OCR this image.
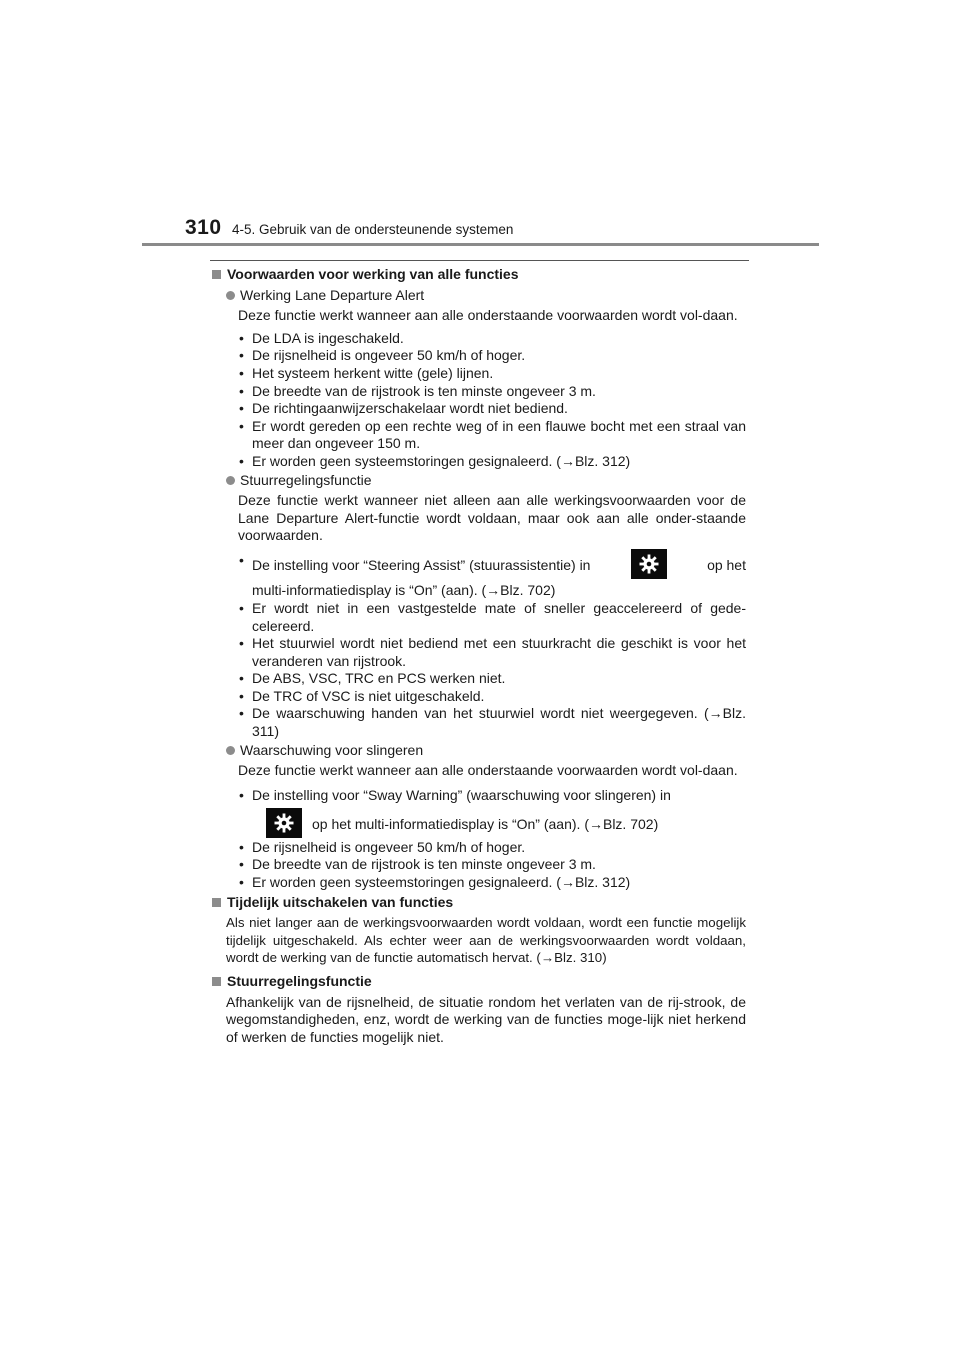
310 4-5. Gebruik van de ondersteunende systemen
Voorwaarden voor werking van alle functies
Werking Lane Departure Alert
Deze functie werkt wanneer aan alle onderstaande voorwaarden wordt vol-daan.
• De LDA is ingeschakeld.
• De rijsnelheid is ongeveer 50 km/h of hoger.
• Het systeem herkent witte (gele) lijnen.
• De breedte van de rijstrook is ten minste ongeveer 3 m.
• De richtingaanwijzerschakelaar wordt niet bediend.
• Er wordt gereden op een rechte weg of in een flauwe bocht met een straal van meer dan ongeveer 150 m.
• Er worden geen systeemstoringen gesignaleerd. (→Blz. 312)
Stuurregelingsfunctie
Deze functie werkt wanneer niet alleen aan alle werkingsvoorwaarden voor de Lane Departure Alert-functie wordt voldaan, maar ook aan alle onder-staande voorwaarden.
• De instelling voor “Steering Assist” (stuurassistentie) in	op het
multi-informatiedisplay is “On” (aan). (→Blz. 702)
• Er wordt niet in een vastgestelde mate of sneller geaccelereerd of gede-celereerd.
• Het stuurwiel wordt niet bediend met een stuurkracht die geschikt is voor het veranderen van rijstrook.
• De ABS, VSC, TRC en PCS werken niet.
• De TRC of VSC is niet uitgeschakeld.
• De waarschuwing handen van het stuurwiel wordt niet weergegeven. (→Blz. 311)
Waarschuwing voor slingeren
Deze functie werkt wanneer aan alle onderstaande voorwaarden wordt vol-daan.
• De instelling voor “Sway Warning” (waarschuwing voor slingeren) in
op het multi-informatiedisplay is “On” (aan). (→Blz. 702)
• De rijsnelheid is ongeveer 50 km/h of hoger.
• De breedte van de rijstrook is ten minste ongeveer 3 m.
• Er worden geen systeemstoringen gesignaleerd. (→Blz. 312)
Tijdelijk uitschakelen van functies
Als niet langer aan de werkingsvoorwaarden wordt voldaan, wordt een functie mogelijk tijdelijk uitgeschakeld. Als echter weer aan de werkingsvoorwaarden wordt voldaan, wordt de werking van de functie automatisch hervat. (→Blz. 310)
Stuurregelingsfunctie
Afhankelijk van de rijsnelheid, de situatie rondom het verlaten van de rij-strook, de wegomstandigheden, enz, wordt de werking van de functies moge-lijk niet herkend of werken de functies mogelijk niet.
